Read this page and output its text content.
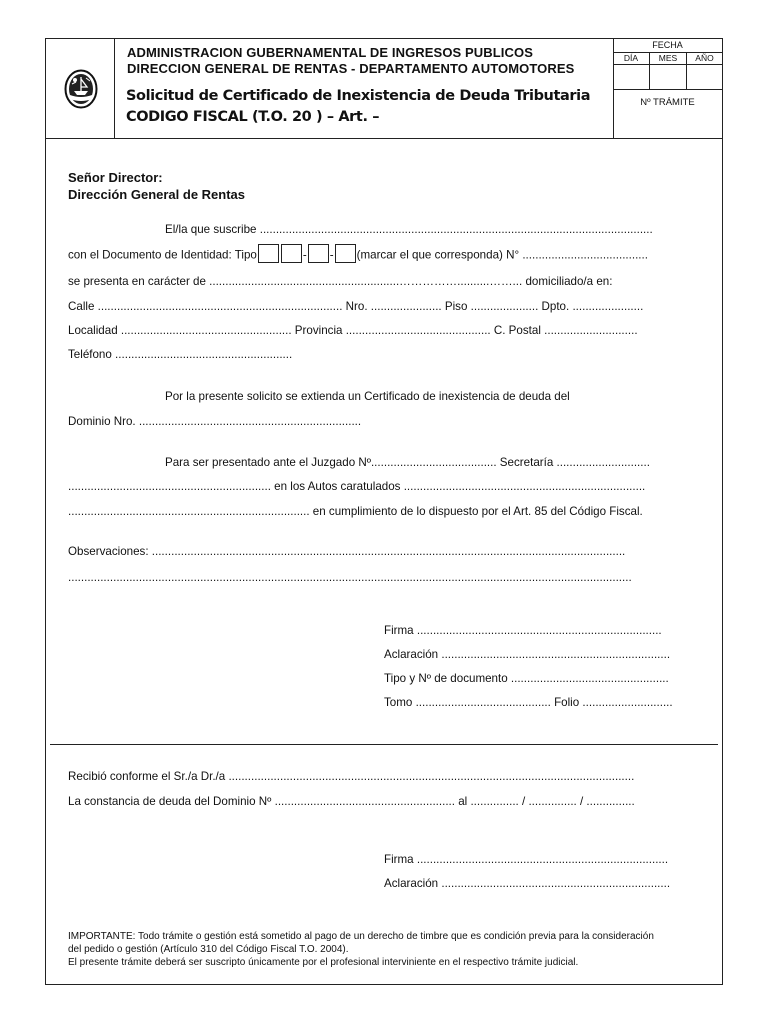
ADMINISTRACION GUBERNAMENTAL DE INGRESOS PUBLICOS
DIRECCION GENERAL DE RENTAS - DEPARTAMENTO AUTOMOTORES
Solicitud de Certificado de Inexistencia de Deuda Tributaria
CODIGO FISCAL (T.O. 20 ) – Art. –
FECHA
DÍA	MES	AÑO
Nº TRÁMITE
Señor Director:
Dirección General de Rentas
El/la que suscribe ..........................................................................................................................
con el Documento de Identidad: Tipo	- - (marcar el que corresponda) N° .......................................
se presenta en carácter de ...........................................................……………..........……... domiciliado/a en:
Calle ............................................................................ Nro. ...................... Piso ..................... Dpto. ......................
Localidad ..................................................... Provincia ............................................. C. Postal .............................
Teléfono .......................................................
Por la presente solicito se extienda un Certificado de inexistencia de deuda del
Dominio Nro. .....................................................................
Para ser presentado ante el Juzgado Nº....................................... Secretaría .............................
............................................................... en los Autos caratulados ...........................................................................
........................................................................... en cumplimiento de lo dispuesto por el Art. 85 del Código Fiscal.
Observaciones: ...................................................................................................................................................
...............................................................................................................................................................................
Firma ............................................................................
Aclaración .......................................................................
Tipo y Nº de documento .................................................
Tomo .......................................... Folio ............................
Recibió conforme el Sr./a Dr./a ..............................................................................................................................
La constancia de deuda del Dominio Nº ........................................................ al ............... / ............... / ...............
Firma ..............................................................................
Aclaración .......................................................................
IMPORTANTE: Todo trámite o gestión está sometido al pago de un derecho de timbre que es condición previa para la consideración
del pedido o gestión (Artículo 310 del Código Fiscal T.O. 2004).
El presente trámite deberá ser suscripto únicamente por el profesional interviniente en el respectivo trámite judicial.
